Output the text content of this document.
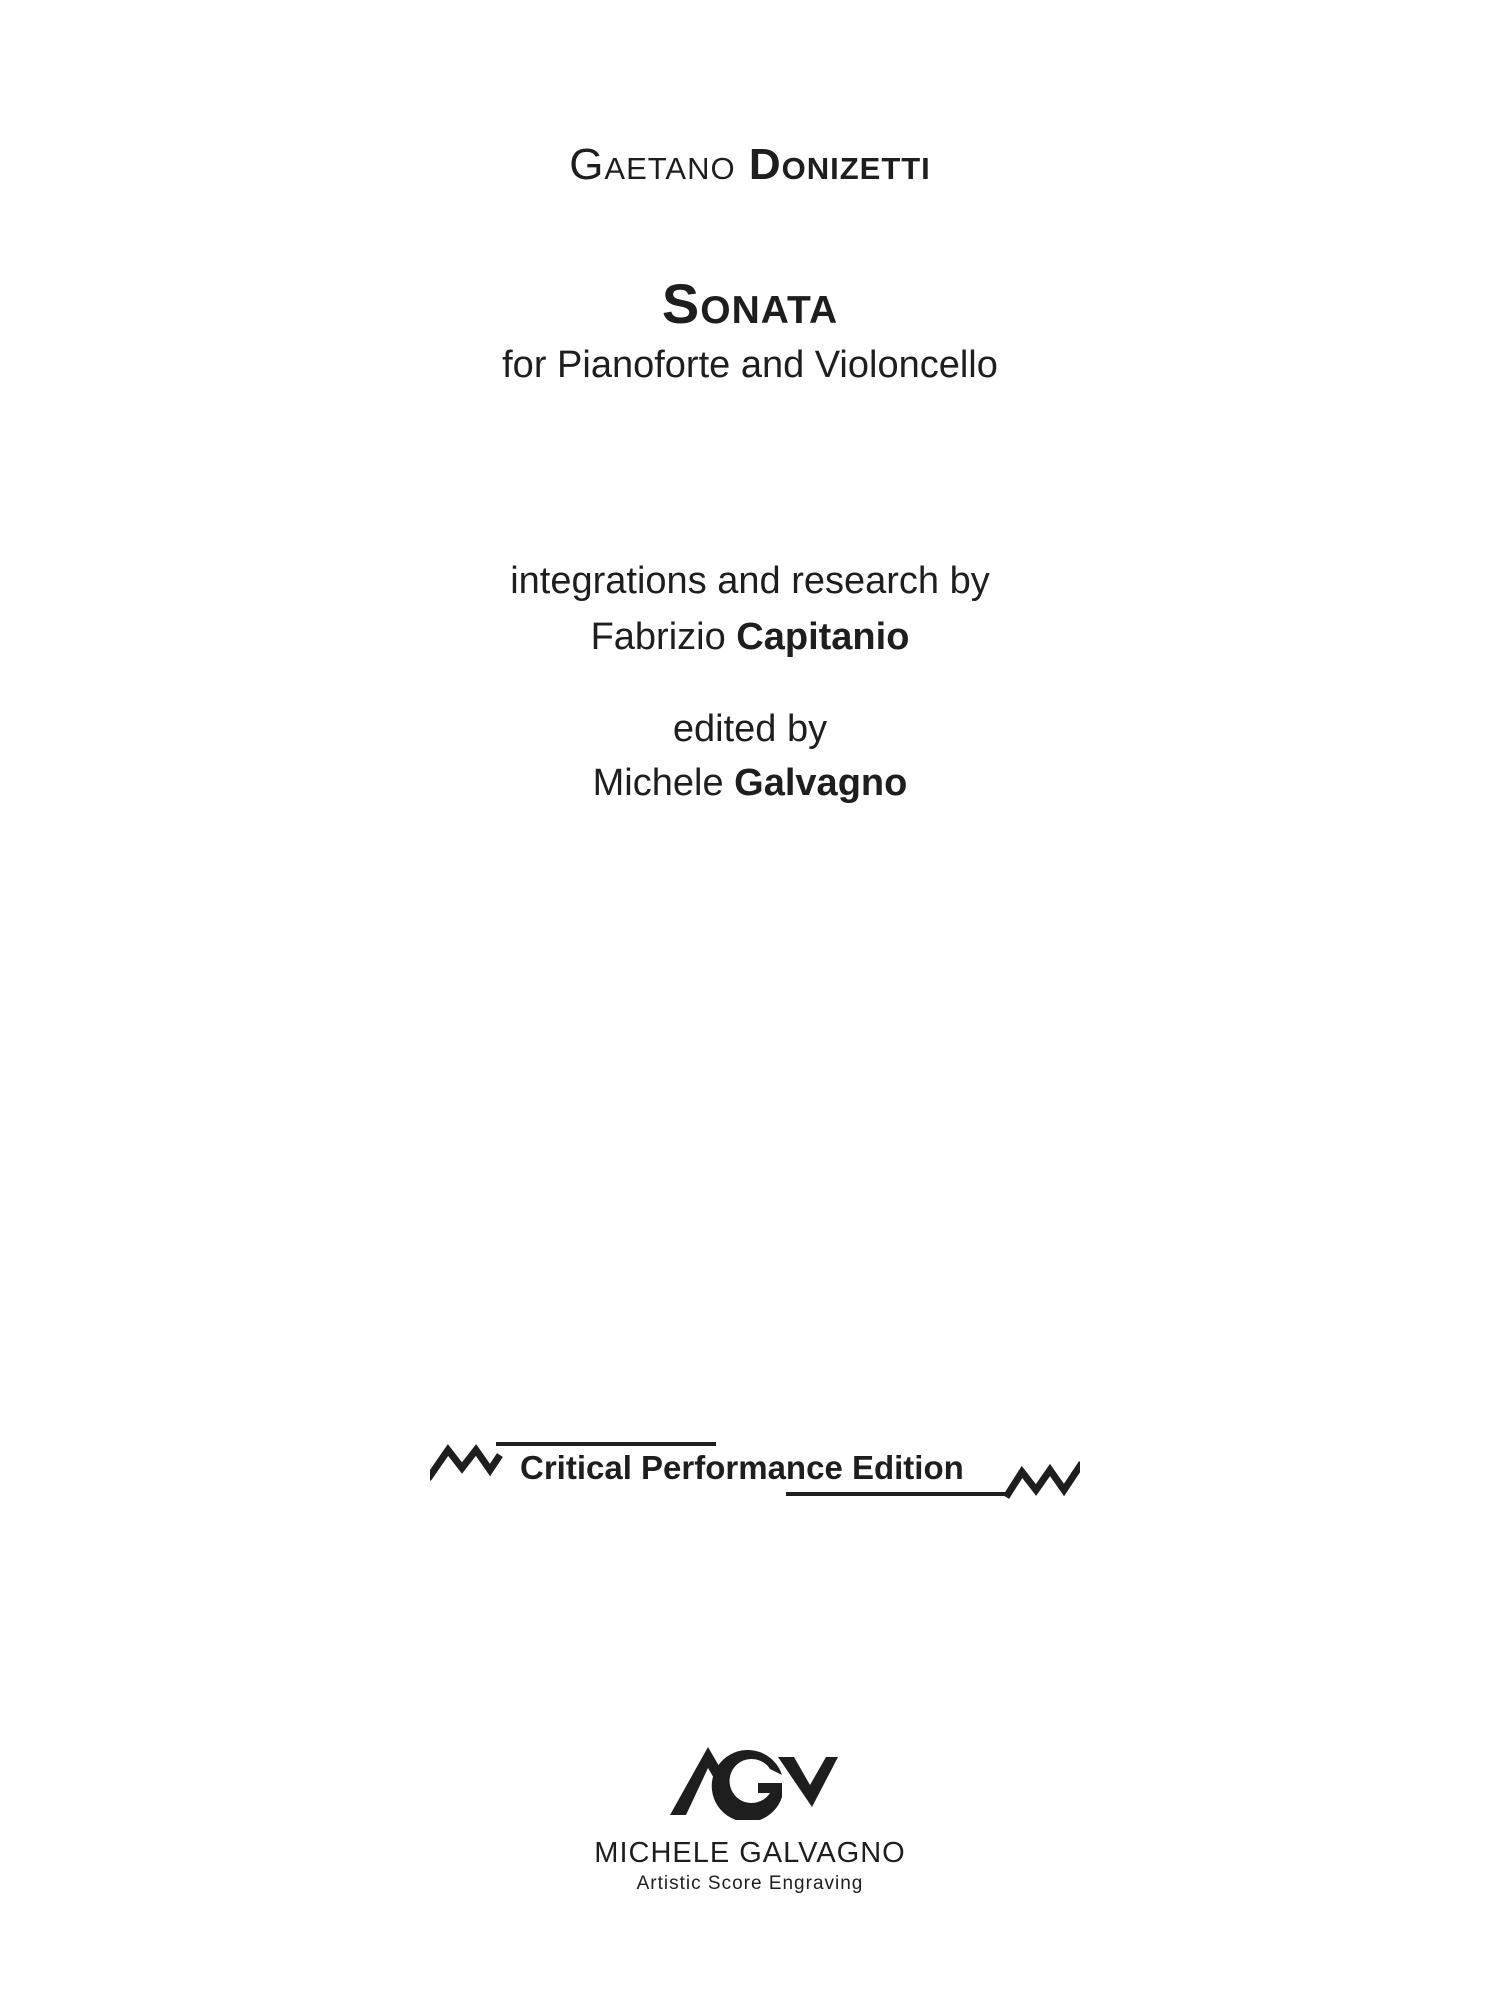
Gaetano Donizetti
Sonata
for Pianoforte and Violoncello
integrations and research by
Fabrizio Capitanio
edited by
Michele Galvagno
Critical Performance Edition
MICHELE GALVAGNO
Artistic Score Engraving
